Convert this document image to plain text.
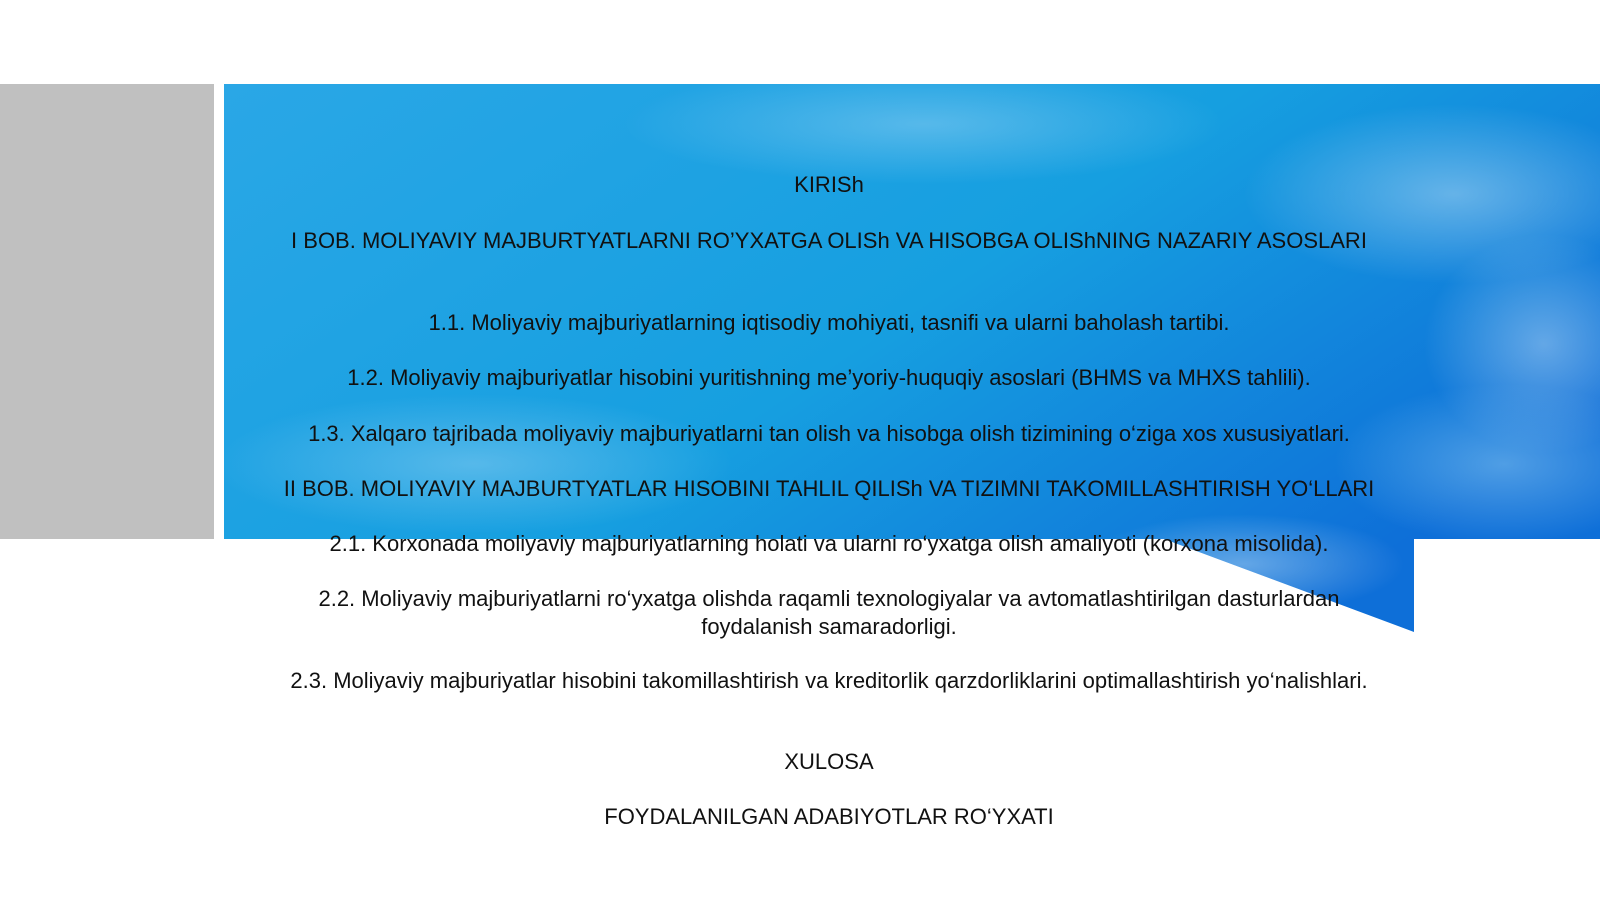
KIRISh
I BOB. MOLIYAVIY MAJBURTYATLARNI RO’YXATGA OLISh VA HISOBGA OLIShNING NAZARIY ASOSLARI
1.1. Moliyaviy majburiyatlarning iqtisodiy mohiyati, tasnifi va ularni baholash tartibi.
1.2. Moliyaviy majburiyatlar hisobini yuritishning me’yoriy-huquqiy asoslari (BHMS va MHXS tahlili).
1.3. Xalqaro tajribada moliyaviy majburiyatlarni tan olish va hisobga olish tizimining o‘ziga xos xususiyatlari.
II BOB. MOLIYAVIY MAJBURTYATLAR HISOBINI TAHLIL QILISh VA TIZIMNI TAKOMILLASHTIRISH YO‘LLARI
2.1. Korxonada moliyaviy majburiyatlarning holati va ularni ro‘yxatga olish amaliyoti (korxona misolida).
2.2. Moliyaviy majburiyatlarni ro‘yxatga olishda raqamli texnologiyalar va avtomatlashtirilgan dasturlardan foydalanish samaradorligi.
2.3. Moliyaviy majburiyatlar hisobini takomillashtirish va kreditorlik qarzdorliklarini optimallashtirish yo‘nalishlari.
XULOSA
FOYDALANILGAN ADABIYOTLAR RO‘YXATI
